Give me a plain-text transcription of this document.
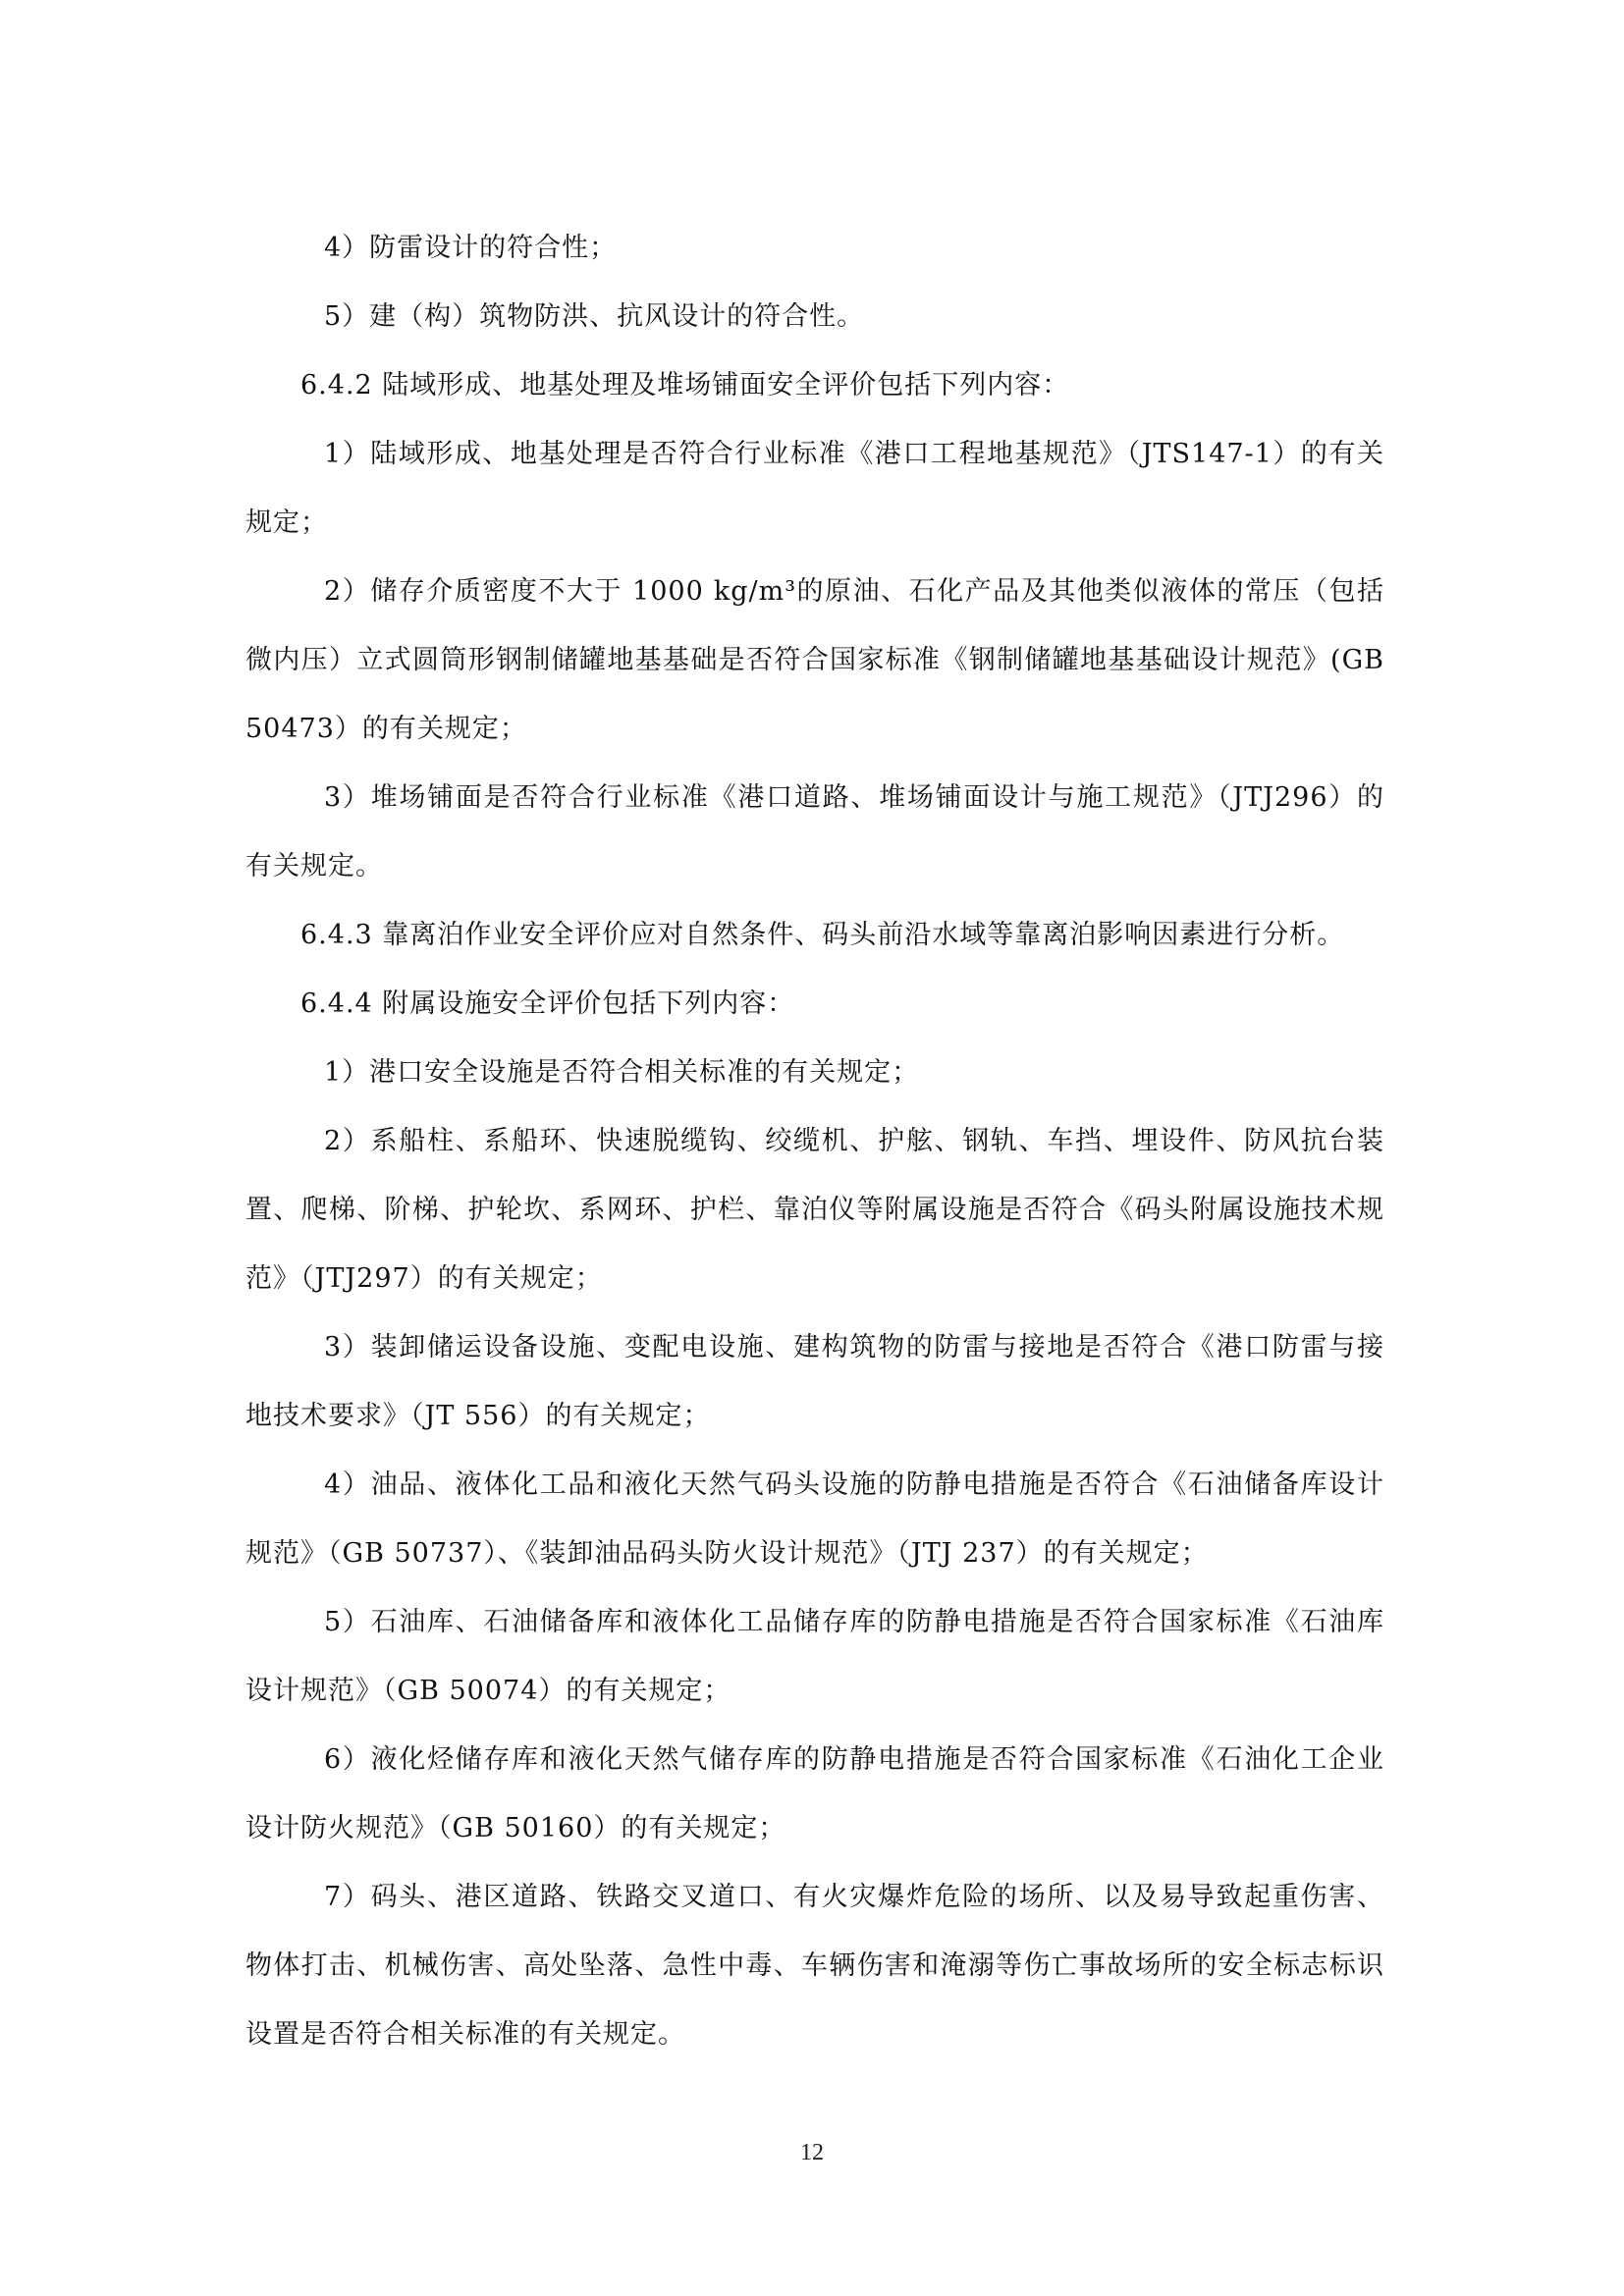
4）防雷设计的符合性；

5）建（构）筑物防洪、抗风设计的符合性。

6.4.2 陆域形成、地基处理及堆场铺面安全评价包括下列内容：

1）陆域形成、地基处理是否符合行业标准《港口工程地基规范》（JTS147-1）的有关规定；

2）储存介质密度不大于 1000 kg/m³的原油、石化产品及其他类似液体的常压（包括微内压）立式圆筒形钢制储罐地基基础是否符合国家标准《钢制储罐地基基础设计规范》(GB 50473）的有关规定；

3）堆场铺面是否符合行业标准《港口道路、堆场铺面设计与施工规范》（JTJ296）的有关规定。

6.4.3 靠离泊作业安全评价应对自然条件、码头前沿水域等靠离泊影响因素进行分析。

6.4.4 附属设施安全评价包括下列内容：

1）港口安全设施是否符合相关标准的有关规定；

2）系船柱、系船环、快速脱缆钩、绞缆机、护舷、钢轨、车挡、埋设件、防风抗台装置、爬梯、阶梯、护轮坎、系网环、护栏、靠泊仪等附属设施是否符合《码头附属设施技术规范》（JTJ297）的有关规定；

3）装卸储运设备设施、变配电设施、建构筑物的防雷与接地是否符合《港口防雷与接地技术要求》（JT 556）的有关规定；

4）油品、液体化工品和液化天然气码头设施的防静电措施是否符合《石油储备库设计规范》（GB 50737）、《装卸油品码头防火设计规范》（JTJ 237）的有关规定；

5）石油库、石油储备库和液体化工品储存库的防静电措施是否符合国家标准《石油库设计规范》（GB 50074）的有关规定；

6）液化烃储存库和液化天然气储存库的防静电措施是否符合国家标准《石油化工企业设计防火规范》（GB 50160）的有关规定；

7）码头、港区道路、铁路交叉道口、有火灾爆炸危险的场所、以及易导致起重伤害、物体打击、机械伤害、高处坠落、急性中毒、车辆伤害和淹溺等伤亡事故场所的安全标志标识设置是否符合相关标准的有关规定。

12
